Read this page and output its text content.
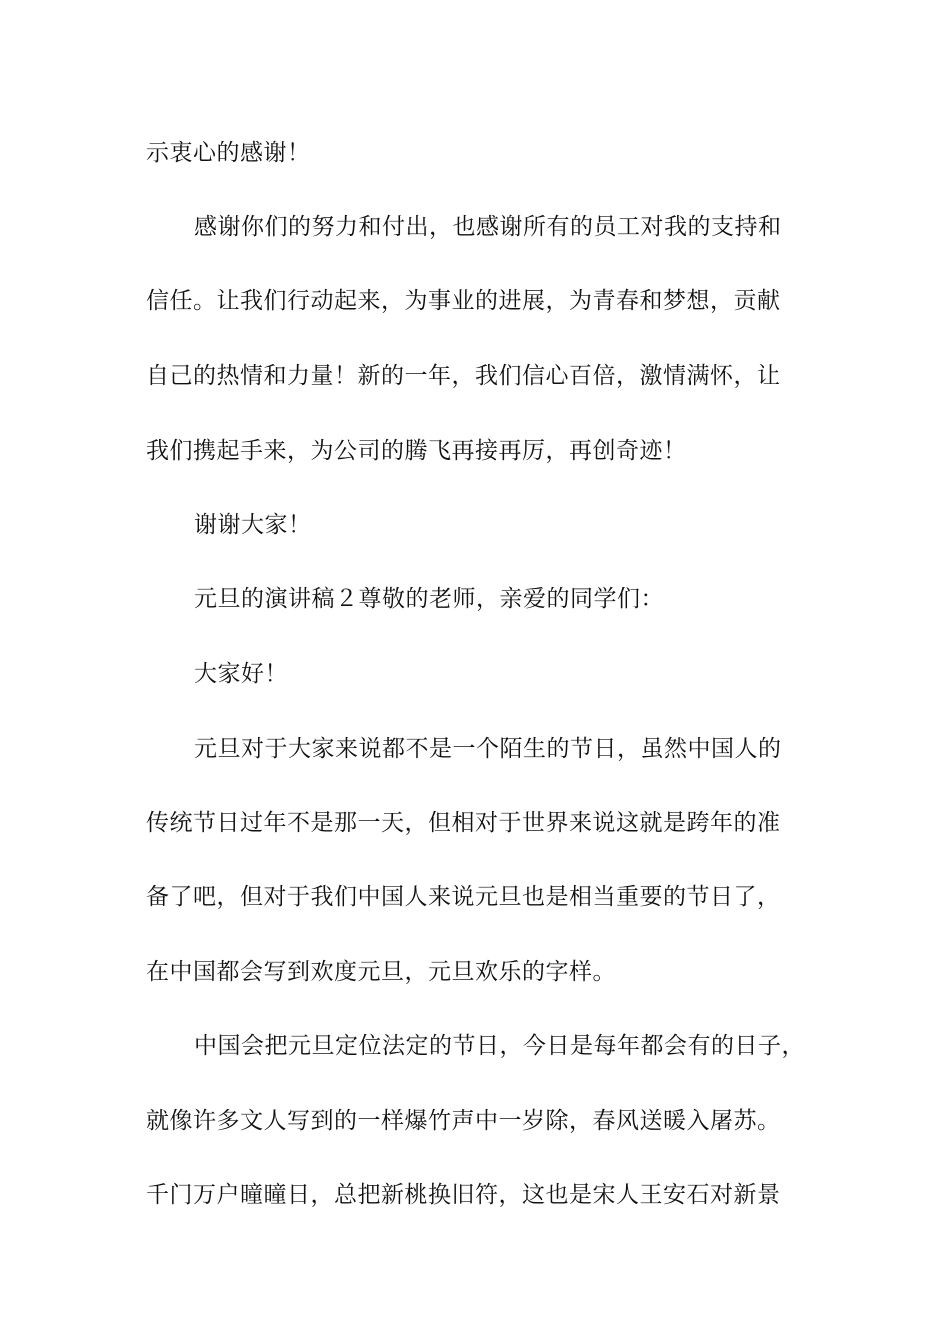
示衷心的感谢！
感谢你们的努力和付出，也感谢所有的员工对我的支持和
信任。让我们行动起来，为事业的进展，为青春和梦想，贡献
自己的热情和力量！新的一年，我们信心百倍，激情满怀，让
我们携起手来，为公司的腾飞再接再厉，再创奇迹！
谢谢大家！
元旦的演讲稿２尊敬的老师，亲爱的同学们：
大家好！
元旦对于大家来说都不是一个陌生的节日，虽然中国人的
传统节日过年不是那一天，但相对于世界来说这就是跨年的准
备了吧，但对于我们中国人来说元旦也是相当重要的节日了，
在中国都会写到欢度元旦，元旦欢乐的字样。
中国会把元旦定位法定的节日，今日是每年都会有的日子，
就像许多文人写到的一样爆竹声中一岁除，春风送暖入屠苏。
千门万户曈曈日，总把新桃换旧符，这也是宋人王安石对新景
